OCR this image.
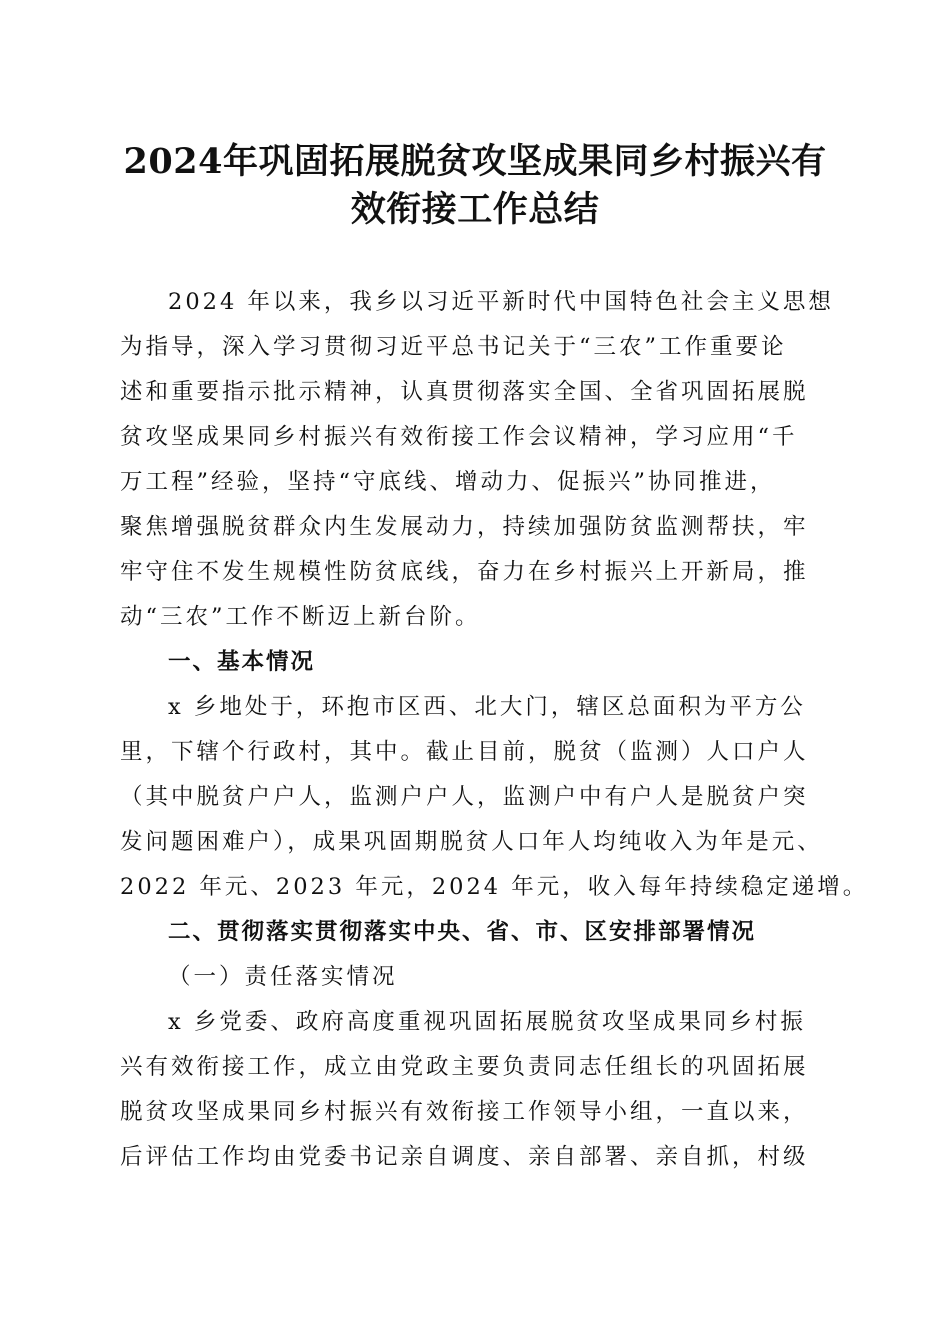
2024年巩固拓展脱贫攻坚成果同乡村振兴有
效衔接工作总结

2024 年以来，我乡以习近平新时代中国特色社会主义思想
为指导，深入学习贯彻习近平总书记关于“三农”工作重要论
述和重要指示批示精神，认真贯彻落实全国、全省巩固拓展脱
贫攻坚成果同乡村振兴有效衔接工作会议精神，学习应用“千
万工程”经验，坚持“守底线、增动力、促振兴”协同推进，
聚焦增强脱贫群众内生发展动力，持续加强防贫监测帮扶，牢
牢守住不发生规模性防贫底线，奋力在乡村振兴上开新局，推
动“三农”工作不断迈上新台阶。

一、基本情况

x 乡地处于，环抱市区西、北大门，辖区总面积为平方公
里，下辖个行政村，其中。截止目前，脱贫（监测）人口户人
（其中脱贫户户人，监测户户人，监测户中有户人是脱贫户突
发问题困难户），成果巩固期脱贫人口年人均纯收入为年是元、
2022 年元、2023 年元，2024 年元，收入每年持续稳定递增。

二、贯彻落实贯彻落实中央、省、市、区安排部署情况

（一）责任落实情况

x 乡党委、政府高度重视巩固拓展脱贫攻坚成果同乡村振
兴有效衔接工作，成立由党政主要负责同志任组长的巩固拓展
脱贫攻坚成果同乡村振兴有效衔接工作领导小组，一直以来，
后评估工作均由党委书记亲自调度、亲自部署、亲自抓，村级
